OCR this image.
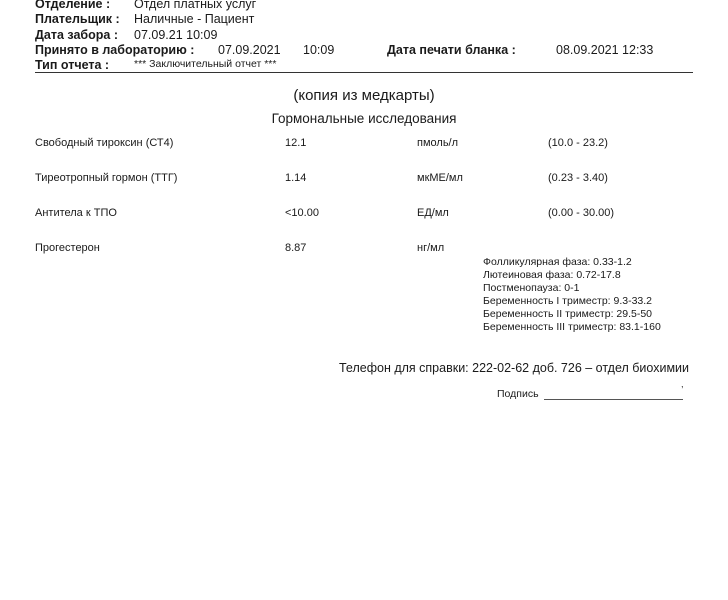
Отделение : Отдел платных услуг
Плательщик : Наличные - Пациент
Дата забора : 07.09.21 10:09
Принято в лабораторию : 07.09.2021 10:09	Дата печати бланка :	08.09.2021 12:33
Тип отчета : *** Заключительный отчет ***
(копия из медкарты)
Гормональные исследования
Свободный тироксин (СТ4)	12.1	пмоль/л	(10.0 - 23.2)
Тиреотропный гормон (ТТГ)	1.14	мкМЕ/мл	(0.23 - 3.40)
Антитела к ТПО	<10.00	ЕД/мл	(0.00 - 30.00)
Прогестерон	8.87	нг/мл
Фолликулярная фаза: 0.33-1.2
Лютеиновая фаза: 0.72-17.8
Постменопауза: 0-1
Беременность I триместр: 9.3-33.2
Беременность II триместр: 29.5-50
Беременность III триместр: 83.1-160
Телефон для справки: 222-02-62 доб. 726 – отдел биохимии
,
Подпись
